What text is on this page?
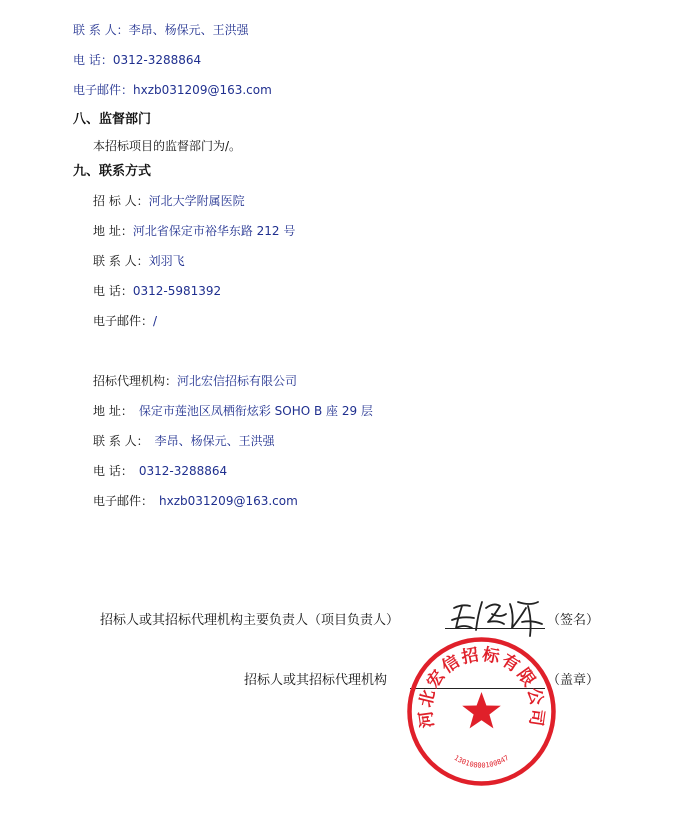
联 系 人：李昂、杨保元、王洪强
电 话：0312-3288864
电子邮件：hxzb031209@163.com
八、监督部门
本招标项目的监督部门为/。
九、联系方式
招 标 人：河北大学附属医院
地 址：河北省保定市裕华东路 212 号
联 系 人：刘羽飞
电 话：0312-5981392
电子邮件：/
招标代理机构：河北宏信招标有限公司
地 址： 保定市莲池区凤栖衔炫彩 SOHO B 座 29 层
联 系 人： 李昂、杨保元、王洪强
电 话： 0312-3288864
电子邮件： hxzb031209@163.com
招标人或其招标代理机构主要负责人（项目负责人）	（签名）
招标人或其招标代理机构	（盖章）
河北宏信招标有限公司
13010800100847
